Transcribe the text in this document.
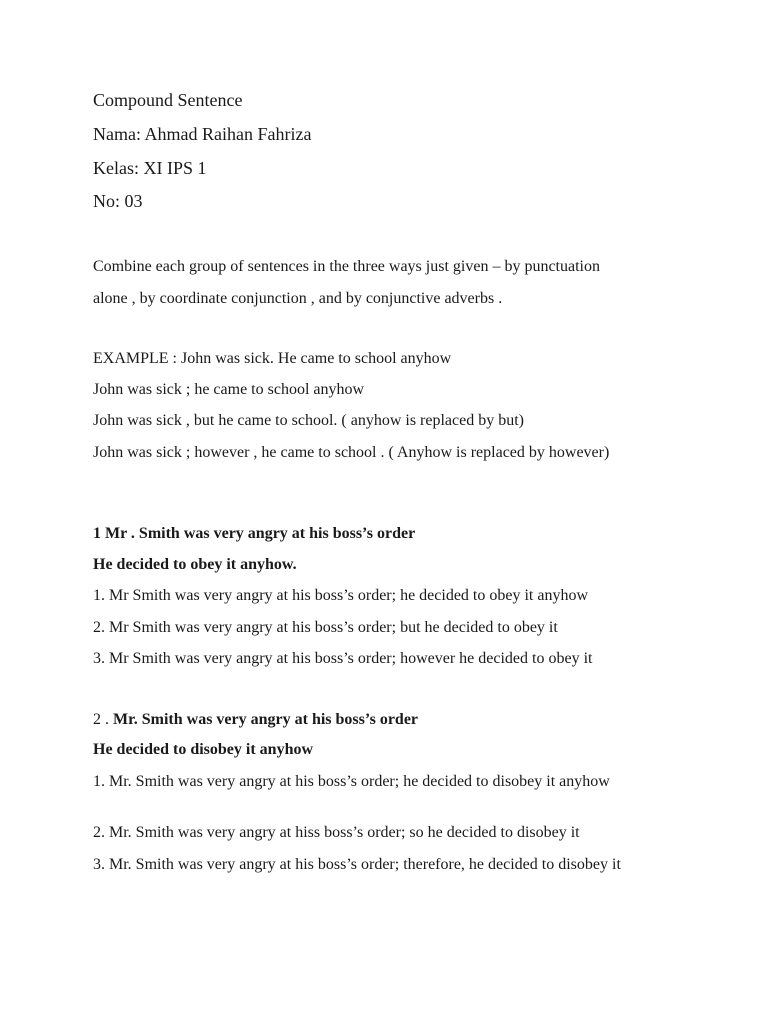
Compound Sentence
Nama: Ahmad Raihan Fahriza
Kelas: XI IPS 1
No: 03
Combine each group of sentences in the three ways just given – by punctuation
alone , by coordinate conjunction , and by conjunctive adverbs .
EXAMPLE : John was sick. He came to school anyhow
John was sick ; he came to school anyhow
John was sick , but he came to school. ( anyhow is replaced by but)
John was sick ; however , he came to school . ( Anyhow is replaced by however)
1 Mr . Smith was very angry at his boss’s order
He decided to obey it anyhow.
1. Mr Smith was very angry at his boss’s order; he decided to obey it anyhow
2. Mr Smith was very angry at his boss’s order; but he decided to obey it
3. Mr Smith was very angry at his boss’s order; however he decided to obey it
2 . Mr. Smith was very angry at his boss’s order
He decided to disobey it anyhow
1. Mr. Smith was very angry at his boss’s order; he decided to disobey it anyhow
2. Mr. Smith was very angry at hiss boss’s order; so he decided to disobey it
3. Mr. Smith was very angry at his boss’s order; therefore, he decided to disobey it
